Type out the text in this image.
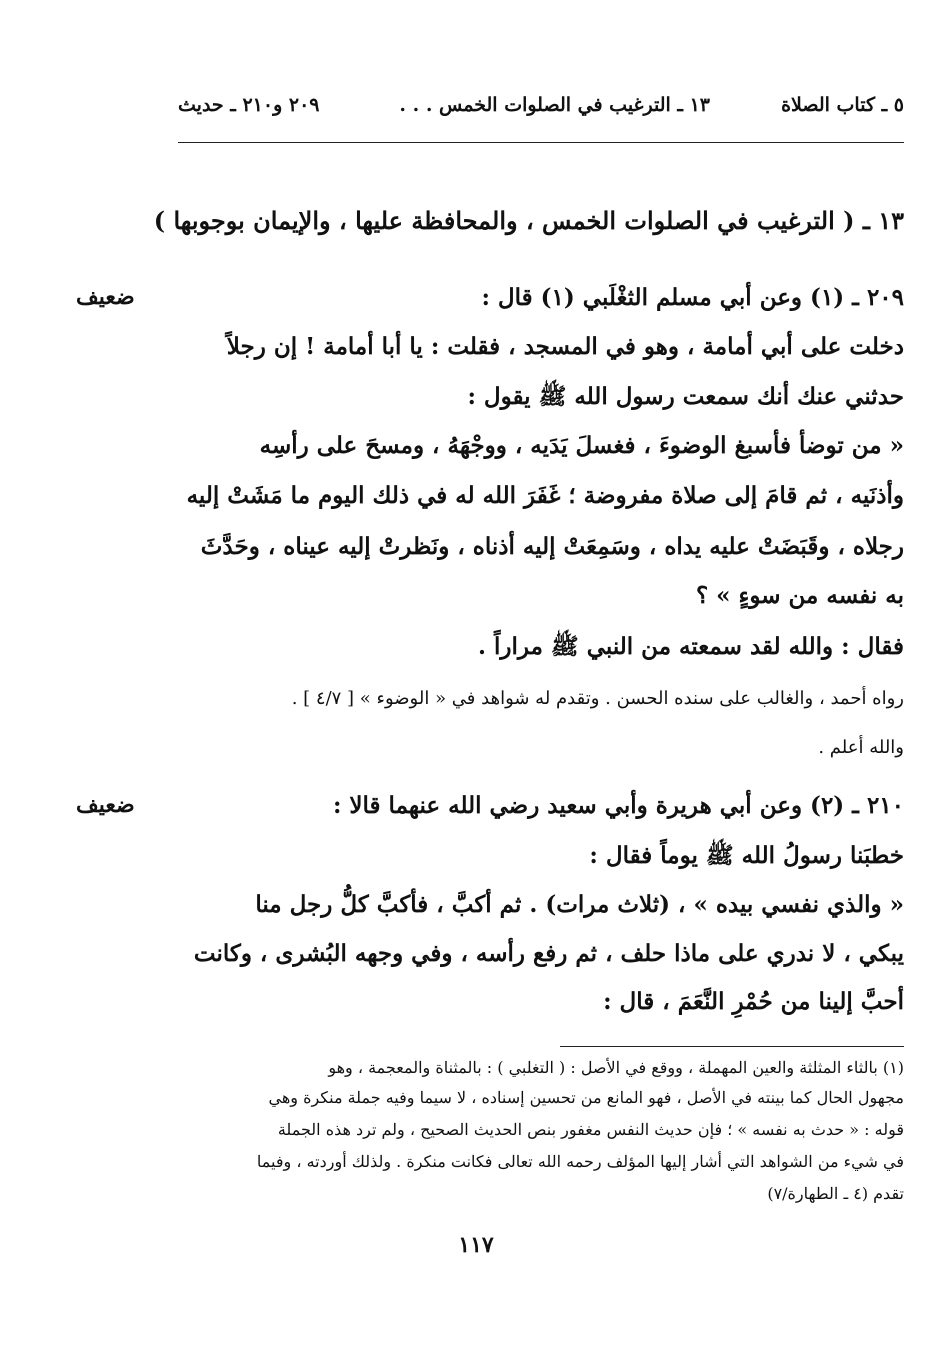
٥ ـ كتاب الصلاة
١٣ ـ الترغيب في الصلوات الخمس . . .
٢٠٩ و٢١٠ ـ حديث
١٣ ـ ( الترغيب في الصلوات الخمس ، والمحافظة عليها ، والإيمان بوجوبها )
ضعيف	٢٠٩ ـ (١) وعن أبي مسلم الثغْلَبي (١) قال :
دخلت على أبي أمامة ، وهو في المسجد ، فقلت : يا أبا أمامة ! إن رجلاً
حدثني عنك أنك سمعت رسول الله ﷺ يقول :
« من توضأ فأسبغ الوضوءَ ، فغسلَ يَدَيه ، ووجْهَهُ ، ومسحَ على رأسِه
وأذنَيه ، ثم قامَ إلى صلاة مفروضة ؛ غَفَرَ الله له في ذلك اليوم ما مَشَتْ إليه
رجلاه ، وقَبَضَتْ عليه يداه ، وسَمِعَتْ إليه أذناه ، ونَظرتْ إليه عيناه ، وحَدَّثَ
به نفسه من سوءٍ » ؟
فقال : والله لقد سمعته من النبي ﷺ مراراً .
رواه أحمد ، والغالب على سنده الحسن . وتقدم له شواهد في « الوضوء » [ ٤/٧ ] .
والله أعلم .
ضعيف	٢١٠ ـ (٢) وعن أبي هريرة وأبي سعيد رضي الله عنهما قالا :
خطبَنا رسولُ الله ﷺ يوماً فقال :
« والذي نفسي بيده » ، (ثلاث مرات) . ثم أكبَّ ، فأكبَّ كلُّ رجل منا
يبكي ، لا ندري على ماذا حلف ، ثم رفع رأسه ، وفي وجهه البُشرى ، وكانت
أحبَّ إلينا من حُمْرِ النَّعَمَ ، قال :
(١) بالثاء المثلثة والعين المهملة ، ووقع في الأصل : ( التغلبي ) : بالمثناة والمعجمة ، وهو
مجهول الحال كما بينته في الأصل ، فهو المانع من تحسين إسناده ، لا سيما وفيه جملة منكرة وهي
قوله : « حدث به نفسه » ؛ فإن حديث النفس مغفور بنص الحديث الصحيح ، ولم ترد هذه الجملة
في شيء من الشواهد التي أشار إليها المؤلف رحمه الله تعالى فكانت منكرة . ولذلك أوردته ، وفيما
تقدم (٤ ـ الطهارة/٧)
١١٧
